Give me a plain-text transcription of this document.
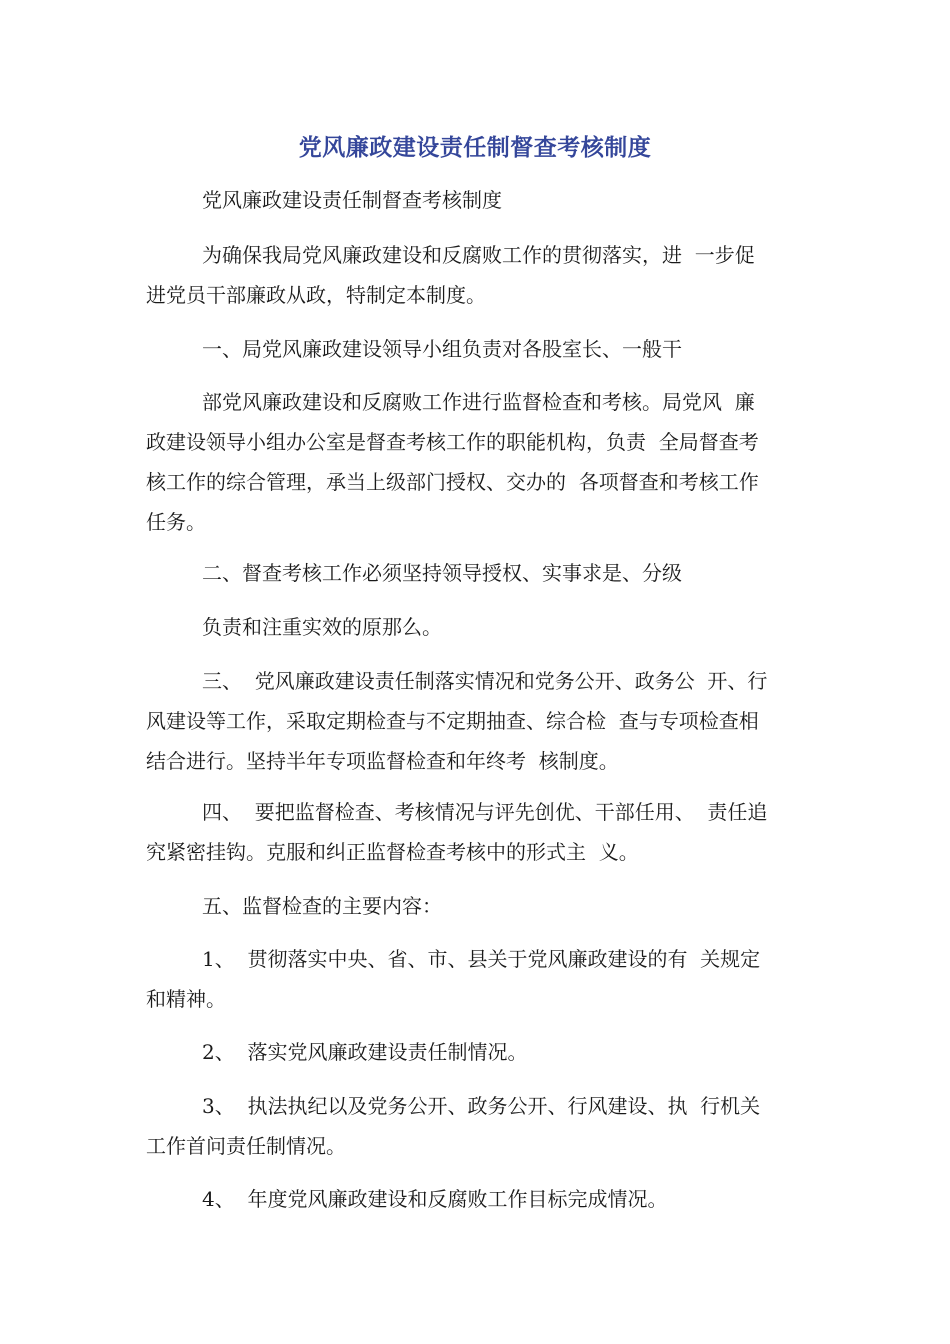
党风廉政建设责任制督查考核制度
党风廉政建设责任制督查考核制度
为确保我局党风廉政建设和反腐败工作的贯彻落实，进  一步促
进党员干部廉政从政，特制定本制度。
一、局党风廉政建设领导小组负责对各股室长、一般干
部党风廉政建设和反腐败工作进行监督检查和考核。局党风  廉
政建设领导小组办公室是督查考核工作的职能机构，负责  全局督查考
核工作的综合管理，承当上级部门授权、交办的  各项督查和考核工作
任务。
二、督查考核工作必须坚持领导授权、实事求是、分级
负责和注重实效的原那么。
三、  党风廉政建设责任制落实情况和党务公开、政务公  开、行
风建设等工作，采取定期检查与不定期抽查、综合检  查与专项检查相
结合进行。坚持半年专项监督检查和年终考  核制度。
四、  要把监督检查、考核情况与评先创优、干部任用、  责任追
究紧密挂钩。克服和纠正监督检查考核中的形式主  义。
五、监督检查的主要内容：
1、  贯彻落实中央、省、市、县关于党风廉政建设的有  关规定
和精神。
2、  落实党风廉政建设责任制情况。
3、  执法执纪以及党务公开、政务公开、行风建设、执  行机关
工作首问责任制情况。
4、  年度党风廉政建设和反腐败工作目标完成情况。
